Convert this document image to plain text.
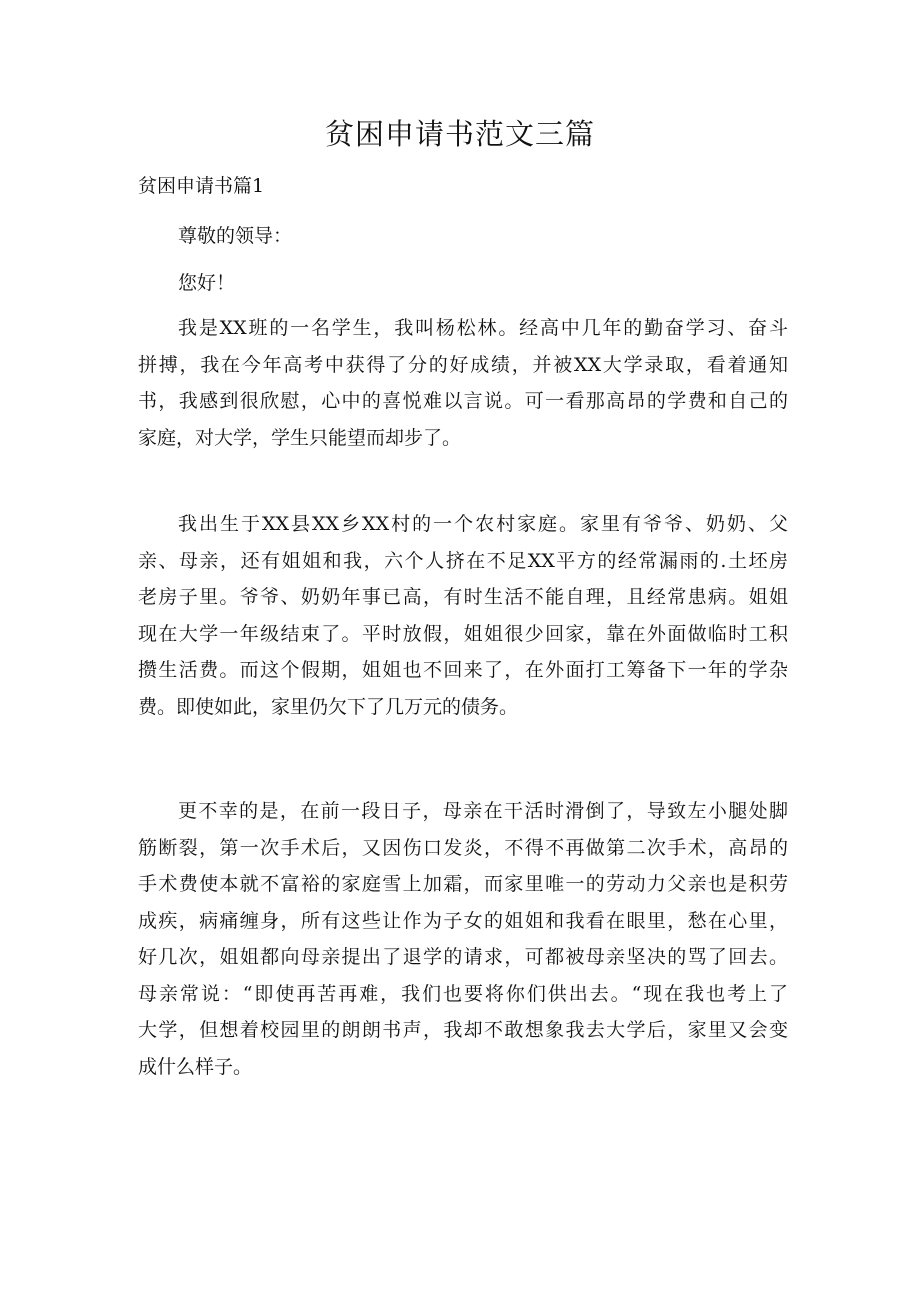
贫困申请书范文三篇
贫困申请书篇1
尊敬的领导：
您好！
我是XX班的一名学生，我叫杨松林。经高中几年的勤奋学习、奋斗
拼搏，我在今年高考中获得了分的好成绩，并被XX大学录取，看着通知
书，我感到很欣慰，心中的喜悦难以言说。可一看那高昂的学费和自己的
家庭，对大学，学生只能望而却步了。
我出生于XX县XX乡XX村的一个农村家庭。家里有爷爷、奶奶、父
亲、母亲，还有姐姐和我，六个人挤在不足XX平方的经常漏雨的.土坯房
老房子里。爷爷、奶奶年事已高，有时生活不能自理，且经常患病。姐姐
现在大学一年级结束了。平时放假，姐姐很少回家，靠在外面做临时工积
攒生活费。而这个假期，姐姐也不回来了，在外面打工筹备下一年的学杂
费。即使如此，家里仍欠下了几万元的债务。
更不幸的是，在前一段日子，母亲在干活时滑倒了，导致左小腿处脚
筋断裂，第一次手术后，又因伤口发炎，不得不再做第二次手术，高昂的
手术费使本就不富裕的家庭雪上加霜，而家里唯一的劳动力父亲也是积劳
成疾，病痛缠身，所有这些让作为子女的姐姐和我看在眼里，愁在心里，
好几次，姐姐都向母亲提出了退学的请求，可都被母亲坚决的骂了回去。
母亲常说：“即使再苦再难，我们也要将你们供出去。“现在我也考上了
大学，但想着校园里的朗朗书声，我却不敢想象我去大学后，家里又会变
成什么样子。
